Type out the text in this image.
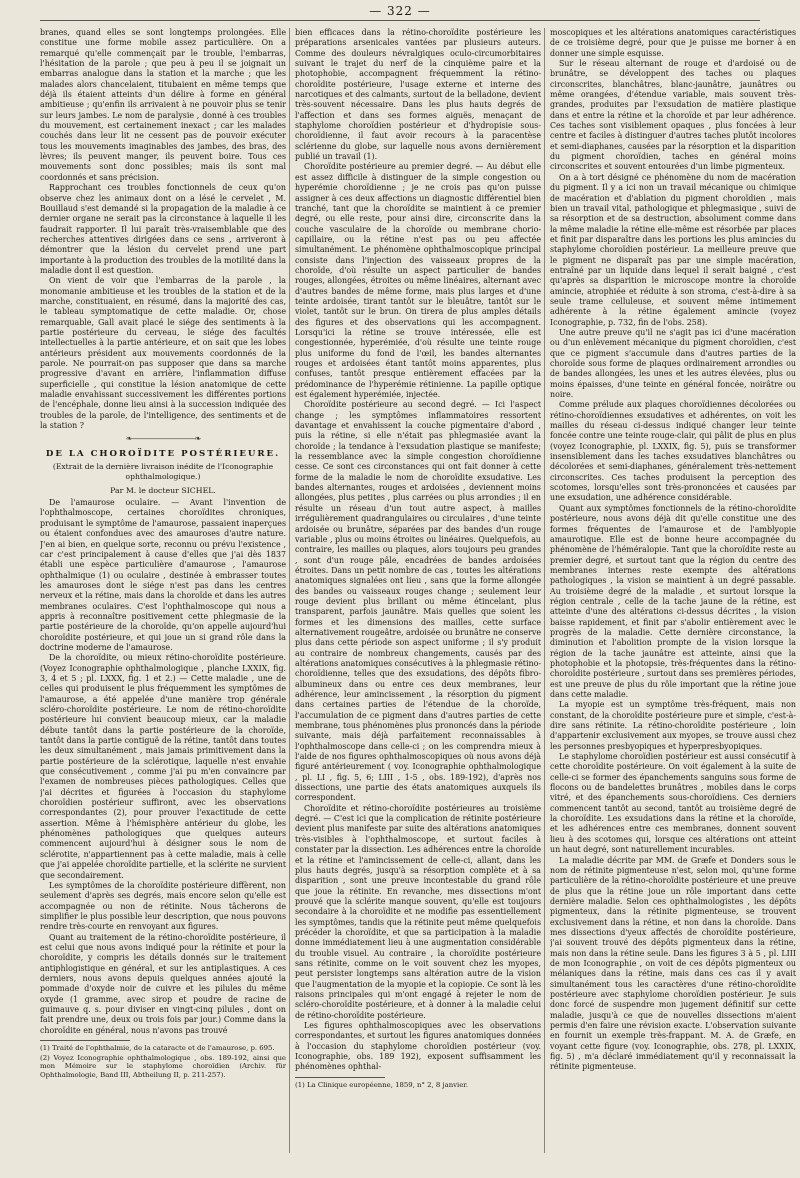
— 322 —

branes, quand elles se sont longtemps prolongées. Elle constitue une forme mobile assez particulière. On a remarqué qu'elle commençait par le trouble, l'embarras, l'hésitation de la parole ; que peu à peu il se joignait un embarras analogue dans la station et la marche ; que les malades alors chancelaient, titubaient en même temps que déjà ils étaient atteints d'un délire à forme en général ambitieuse ; qu'enfin ils arrivaient à ne pouvoir plus se tenir sur leurs jambes. Le nom de paralysie , donné à ces troubles du mouvement, est certainement inexact ; car les malades couchés dans leur lit ne cessent pas de pouvoir exécuter tous les mouvements imaginables des jambes, des bras, des lèvres; ils peuvent manger, ils peuvent boire. Tous ces mouvements sont donc possibles; mais ils sont mal coordonnés et sans précision.

Rapprochant ces troubles fonctionnels de ceux qu'on observe chez les animaux dont on a lésé le cervelet , M. Bouillaud s'est demandé si la propagation de la maladie à ce dernier organe ne serait pas la circonstance à laquelle il les faudrait rapporter. Il lui paraît très-vraisemblable que des recherches attentives dirigées dans ce sens , arriveront à démontrer que la lésion du cervelet prend une part importante à la production des troubles de la motilité dans la maladie dont il est question.

On vient de voir que l'embarras de la parole , la monomanie ambitieuse et les troubles de la station et de la marche, constituaient, en résumé, dans la majorité des cas, le tableau symptomatique de cette maladie. Or, chose remarquable, Gall avait placé le siége des sentiments à la partie postérieure du cerveau, le siége des facultés intellectuelles à la partie antérieure, et on sait que les lobes antérieurs président aux mouvements coordonnés de la parole. Ne pourrait-on pas supposer que dans sa marche progressive d'avant en arrière, l'inflammation diffuse superficielle , qui constitue la lésion anatomique de cette maladie envahissant successivement les différentes portions de l'encéphale, donne lieu ainsi à la succession indiquée des troubles de la parole, de l'intelligence, des sentiments et de la station ?

❧—————————❧
DE LA CHOROÏDITE POSTÉRIEURE.
(Extrait de la dernière livraison inédite de l'Iconographie ophthalmologique.)
Par M. le docteur SICHEL.

De l'amaurose oculaire. — Avant l'invention de l'ophthalmoscope, certaines choroïdites chroniques, produisant le symptôme de l'amaurose, passaient inaperçues ou étaient confondues avec des amauroses d'autre nature. J'en ai bien, en quelque sorte, reconnu ou prévu l'existence , car c'est principalement à cause d'elles que j'ai dès 1837 établi une espèce particulière d'amaurose , l'amaurose ophthalmique (1) ou oculaire , destinée à embrasser toutes les amauroses dont le siége n'est pas dans les centres nerveux et la rétine, mais dans la choroïde et dans les autres membranes oculaires. C'est l'ophthalmoscope qui nous a appris à reconnaître positivement cette phlegmasie de la partie postérieure de la choroïde, qu'on appelle aujourd'hui choroïdite postérieure, et qui joue un si grand rôle dans la doctrine moderne de l'amaurose.

De la choroïdite, ou mieux rétino-choroïdite postérieure. (Voyez Iconographie ophthalmologique , planche LXXIX, fig. 3, 4 et 5 ; pl. LXXX, fig. 1 et 2.) — Cette maladie , une de celles qui produisent le plus fréquemment les symptômes de l'amaurose, a été appelée d'une manière trop générale scléro-choroïdite postérieure. Le nom de rétino-choroïdite postérieure lui convient beaucoup mieux, car la maladie débute tantôt dans la partie postérieure de la choroïde, tantôt dans la partie contiguë de la rétine, tantôt dans toutes les deux simultanément , mais jamais primitivement dans la partie postérieure de la sclérotique, laquelle n'est envahie que consécutivement , comme j'ai pu m'en convaincre par l'examen de nombreuses pièces pathologiques. Celles que j'ai décrites et figurées à l'occasion du staphylome choroïdien postérieur suffiront, avec les observations correspondantes (2), pour prouver l'exactitude de cette assertion. Même à l'hémisphère antérieur du globe, les phénomènes pathologiques que quelques auteurs commencent aujourd'hui à désigner sous le nom de sclérotite, n'appartiennent pas à cette maladie, mais à celle que j'ai appelée choroïdite partielle, et la sclérite ne survient que secondairement.

Les symptômes de la choroïdite postérieure diffèrent, non seulement d'après ses degrés, mais encore selon qu'elle est accompagnée ou non de rétinite. Nous tâcherons de simplifier le plus possible leur description, que nous pouvons rendre très-courte en renvoyant aux figures.

Quant au traitement de la rétino-choroïdite postérieure, il est celui que nous avons indiqué pour la rétinite et pour la choroïdite, y compris les détails donnés sur le traitement antiphlogistique en général, et sur les antiplastiques. A ces derniers, nous avons depuis quelques années ajouté la pommade d'oxyde noir de cuivre et les pilules du même oxyde (1 gramme, avec sirop et poudre de racine de guimauve q. s. pour diviser en vingt-cinq pilules , dont on fait prendre une, deux ou trois fois par jour.) Comme dans la choroïdite en général, nous n'avons pas trouvé

(1) Traité de l'ophthalmie, de la cataracte et de l'amaurose, p. 695.

(2) Voyez Iconographie ophthalmologique , obs. 189-192, ainsi que mon Mémoire sur le staphylome choroïdien (Archiv. für Ophthalmologie, Band III, Abtheilung II, p. 211-257).

bien efficaces dans la rétino-choroïdite postérieure les préparations arsenicales vantées par plusieurs auteurs. Comme des douleurs névralgiques oculo-circumorbitaires suivant le trajet du nerf de la cinquième paire et la photophobie, accompagnent fréquemment la rétino-choroïdite postérieure, l'usage externe et interne des narcotiques et des calmants, surtout de la belladone, devient très-souvent nécessaire. Dans les plus hauts degrés de l'affection et dans ses formes aiguës, menaçant de staphylome choroïdien postérieur et d'hydropisie sous-choroïdienne, il faut avoir recours à la paracentèse sclérienne du globe, sur laquelle nous avons dernièrement publié un travail (1).

Choroïdite postérieure au premier degré. — Au début elle est assez difficile à distinguer de la simple congestion ou hyperémie choroïdienne ; je ne crois pas qu'on puisse assigner à ces deux affections un diagnostic différentiel bien tranché, tant que la choroïdite se maintient à ce premier degré, ou elle reste, pour ainsi dire, circonscrite dans la couche vasculaire de la choroïde ou membrane chorio-capillaire, ou la rétine n'est pas ou peu affectée simultanément. Le phénomène ophthalmoscopique principal consiste dans l'injection des vaisseaux propres de la choroïde, d'où résulte un aspect particulier de bandes rouges, allongées, étroites ou même linéaires, alternant avec d'autres bandes de même forme, mais plus larges et d'une teinte ardoisée, tirant tantôt sur le bleuâtre, tantôt sur le violet, tantôt sur le brun. On tirera de plus amples détails des figures et des observations qui les accompagnent. Lorsqu'ici la rétine se trouve intéressée, elle est congestionnée, hyperémiée, d'où résulte une teinte rouge plus uniforme du fond de l'œil, les bandes alternantes rouges et ardoisées étant tantôt moins apparentes, plus confuses, tantôt presque entièrement effacées par la prédominance de l'hyperémie rétinienne. La papille optique est également hyperémiée, injectée.

Choroïdite postérieure au second degré. — Ici l'aspect change ; les symptômes inflammatoires ressortent davantage et envahissent la couche pigmentaire d'abord , puis la rétine, si elle n'était pas phlegmasiée avant la choroïde ; la tendance à l'exsudation plastique se manifeste; la ressemblance avec la simple congestion choroïdienne cesse. Ce sont ces circonstances qui ont fait donner à cette forme de la maladie le nom de choroïdite exsudative. Les bandes alternantes, rouges et ardoisées , deviennent moins allongées, plus petites , plus carrées ou plus arrondies ; il en résulte un réseau d'un tout autre aspect, à mailles irrégulièrement quadrangulaires ou circulaires , d'une teinte ardoisée ou brunâtre, séparées par des bandes d'un rouge variable , plus ou moins étroites ou linéaires. Quelquefois, au contraire, les mailles ou plaques, alors toujours peu grandes , sont d'un rouge pâle, encadrées de bandes ardoisées étroites. Dans un petit nombre de cas , toutes les altérations anatomiques signalées ont lieu , sans que la forme allongée des bandes ou vaisseaux rouges change ; seulement leur rouge devient plus brillant ou même étincelant, plus transparent, parfois jaunâtre. Mais quelles que soient les formes et les dimensions des mailles, cette surface alternativement rougeâtre, ardoisée ou brunâtre ne conserve plus dans cette période son aspect uniforme ; il s'y produit au contraire de nombreux changements, causés par des altérations anatomiques consécutives à la phlegmasie rétino-choroïdienne, telles que des exsudations, des dépôts fibro-albumineux dans ou entre ces deux membranes, leur adhérence, leur amincissement , la résorption du pigment dans certaines parties de l'étendue de la choroïde, l'accumulation de ce pigment dans d'autres parties de cette membrane, tous phénomènes plus prononcés dans la période suivante, mais déjà parfaitement reconnaissables à l'ophthalmoscope dans celle-ci ; on les comprendra mieux à l'aide de nos figures ophthalmoscopiques où nous avons déjà figuré antérieurement ( voy. Iconographie ophthalmologique , pl. LI , fig. 5, 6; LIII , 1-5 , obs. 189-192), d'après nos dissections, une partie des états anatomiques auxquels ils correspondent.

Choroïdite et rétino-choroïdite postérieures au troisième degré. — C'est ici que la complication de rétinite postérieure devient plus manifeste par suite des altérations anatomiques très-visibles à l'ophthalmoscope, et surtout faciles à constater par la dissection. Les adhérences entre la choroïde et la rétine et l'amincissement de celle-ci, allant, dans les plus hauts degrés, jusqu'à sa résorption complète et à sa disparition , sont une preuve incontestable du grand rôle que joue la rétinite. En revanche, mes dissections m'ont prouvé que la sclérite manque souvent, qu'elle est toujours secondaire à la choroïdite et ne modifie pas essentiellement les symptômes, tandis que la rétinite peut même quelquefois précéder la choroïdite, et que sa participation à la maladie donne immédiatement lieu à une augmentation considérable du trouble visuel. Au contraire , la choroïdite postérieure sans rétinite, comme on le voit souvent chez les myopes, peut persister longtemps sans altération autre de la vision que l'augmentation de la myopie et la copiopie. Ce sont là les raisons principales qui m'ont engagé à rejeter le nom de scléro-choroïdite postérieure, et à donner à la maladie celui de rétino-choroïdite postérieure.

Les figures ophthalmoscopiques avec les observations correspondantes, et surtout les figures anatomiques données à l'occasion du staphylome choroïdien postérieur (voy. Iconographie, obs. 189 192), exposent suffisamment les phénomènes ophthal-

(1) La Clinique européenne, 1859, n° 2, 8 janvier.

moscopiques et les altérations anatomiques caractéristiques de ce troisième degré, pour que je puisse me borner à en donner une simple esquisse.

Sur le réseau alternant de rouge et d'ardoisé ou de brunâtre, se développent des taches ou plaques circonscrites, blanchâtres, blanc-jaunâtre, jaunâtres ou même orangées, d'étendue variable, mais souvent très-grandes, produites par l'exsudation de matière plastique dans et entre la rétine et la choroïde et par leur adhérence. Ces taches sont visiblement opaques , plus foncées à leur centre et faciles à distinguer d'autres taches plutôt incolores et semi-diaphanes, causées par la résorption et la disparition du pigment choroïdien, taches en général moins circonscrites et souvent entourées d'un limbe pigmenteux.

On a à tort désigné ce phénomène du nom de macération du pigment. Il y a ici non un travail mécanique ou chimique de macération et d'ablation du pigment choroïdien , mais bien un travail vital, pathologique et phlegmasique , suivi de sa résorption et de sa destruction, absolument comme dans la même maladie la rétine elle-même est résorbée par places et finit par disparaître dans les portions les plus amincies du staphylome choroïdien postérieur. La meilleure preuve que le pigment ne disparaît pas par une simple macération, entraîné par un liquide dans lequel il serait baigné , c'est qu'après sa disparition le microscope montre la choroïde amincie, atrophiée et réduite à son stroma, c'est-à-dire à sa seule trame celluleuse, et souvent même intimement adhérente à la rétine également amincie (voyez Iconographie, p. 732, fin de l'obs. 258).

Une autre preuve qu'il ne s'agit pas ici d'une macération ou d'un enlèvement mécanique du pigment choroïdien, c'est que ce pigment s'accumule dans d'autres parties de la choroïde sous forme de plaques ordinairement arrondies ou de bandes allongées, les unes et les autres élevées, plus ou moins épaisses, d'une teinte en général foncée, noirâtre ou noire.

Comme prélude aux plaques choroïdiennes décolorées ou rétino-choroïdiennes exsudatives et adhérentes, on voit les mailles du réseau ci-dessus indiqué changer leur teinte foncée contre une teinte rouge-clair, qui pâlit de plus en plus (voyez Iconographie, pl. LXXIX, fig. 5), puis se transformer insensiblement dans les taches exsudatives blanchâtres ou décolorées et semi-diaphanes, généralement très-nettement circonscrites. Ces taches produisent la perception des scotomes, lorsqu'elles sont très-prononcées et causées par une exsudation, une adhérence considérable.

Quant aux symptômes fonctionnels de la rétino-choroïdite postérieure, nous avons déjà dit qu'elle constitue une des formes fréquentes de l'amaurose et de l'amblyopie amaurotique. Elle est de bonne heure accompagnée du phénomène de l'héméralopie. Tant que la choroïdite reste au premier degré, et surtout tant que la région du centre des membranes internes reste exempte des altérations pathologiques , la vision se maintient à un degré passable. Au troisième degré de la maladie , et surtout lorsque la région centrale , celle de la tache jaune de la rétine, est atteinte d'une des altérations ci-dessus décrites , la vision baisse rapidement, et finit par s'abolir entièrement avec le progrès de la maladie. Cette dernière circonstance, la diminution et l'abolition prompte de la vision lorsque la région de la tache jaunâtre est atteinte, ainsi que la photophobie et la photopsie, très-fréquentes dans la rétino-choroïdite postérieure , surtout dans ses premières périodes, est une preuve de plus du rôle important que la rétine joue dans cette maladie.

La myopie est un symptôme très-fréquent, mais non constant, de la choroïdite postérieure pure et simple, c'est-à-dire sans rétinite. La rétino-choroïdite postérieure , loin d'appartenir exclusivement aux myopes, se trouve aussi chez les personnes presbyopiques et hyperpresbyopiques.

Le staphylome choroïdien postérieur est aussi consécutif à cette choroïdite postérieure. On voit également à la suite de celle-ci se former des épanchements sanguins sous forme de flocons ou de bandelettes brunâtres , mobiles dans le corps vitré, et des épanchements sous-choroïdiens. Ces derniers commencent tantôt au second, tantôt au troisième degré de la choroïdite. Les exsudations dans la rétine et la choroïde, et les adhérences entre ces membranes, donnent souvent lieu à des scotomes qui, lorsque ces altérations ont atteint un haut degré, sont naturellement incurables.

La maladie décrite par MM. de Græfe et Donders sous le nom de rétinite pigmenteuse n'est, selon moi, qu'une forme particulière de la rétino-choroïdite postérieure et une preuve de plus que la rétine joue un rôle important dans cette dernière maladie. Selon ces ophthalmologistes , les dépôts pigmenteux, dans la rétinite pigmenteuse, se trouvent exclusivement dans la rétine, et non dans la choroïde. Dans mes dissections d'yeux affectés de choroïdite postérieure, j'ai souvent trouvé des dépôts pigmenteux dans la rétine, mais non dans la rétine seule. Dans les figures 3 à 5 , pl. LIII de mon Iconographie , on voit de ces dépôts pigmenteux ou mélaniques dans la rétine, mais dans ces cas il y avait simultanément tous les caractères d'une rétino-choroïdite postérieure avec staphylome choroïdien postérieur. Je suis donc forcé de suspendre mon jugement définitif sur cette maladie, jusqu'à ce que de nouvelles dissections m'aient permis d'en faire une révision exacte. L'observation suivante en fournit un exemple très-frappant. M. A. de Græfe, en voyant cette figure (voy. Iconographie, obs. 278, pl. LXXIX, fig. 5) , m'a déclaré immédiatement qu'il y reconnaissait la rétinite pigmenteuse.
